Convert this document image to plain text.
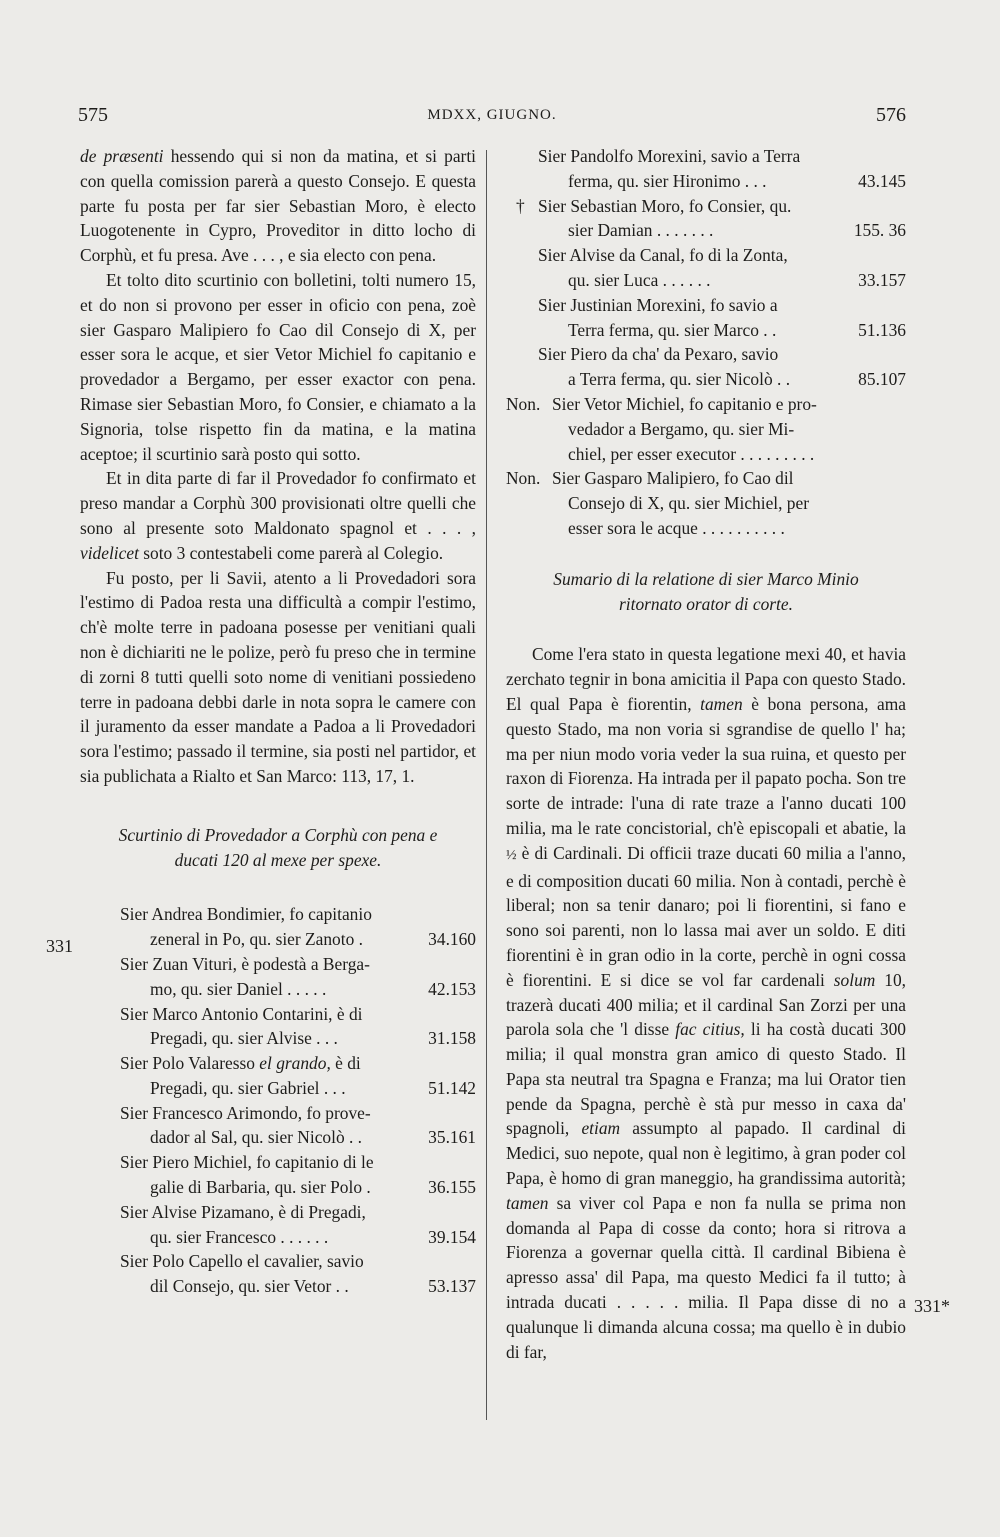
575	MDXX, GIUGNO.	576
331
331*

de præsenti hessendo qui si non da matina, et si parti con quella comission parerà a questo Consejo. E questa parte fu posta per far sier Sebastian Moro, è electo Luogotenente in Cypro, Proveditor in ditto locho di Corphù, et fu presa. Ave . . . , e sia electo con pena.

Et tolto dito scurtinio con bolletini, tolti numero 15, et do non si provono per esser in oficio con pena, zoè sier Gasparo Malipiero fo Cao dil Consejo di X, per esser sora le acque, et sier Vetor Michiel fo capitanio e provedador a Bergamo, per esser exactor con pena. Rimase sier Sebastian Moro, fo Consier, e chiamato a la Signoria, tolse rispetto fin da matina, e la matina aceptoe; il scurtinio sarà posto qui sotto.

Et in dita parte di far il Provedador fo confirmato et preso mandar a Corphù 300 provisionati oltre quelli che sono al presente soto Maldonato spagnol et . . . , videlicet soto 3 contestabeli come parerà al Colegio.

Fu posto, per li Savii, atento a li Provedadori sora l'estimo di Padoa resta una difficultà a compir l'estimo, ch'è molte terre in padoana posesse per venitiani quali non è dichiariti ne le polize, però fu preso che in termine di zorni 8 tutti quelli soto nome di venitiani possiedeno terre in padoana debbi darle in nota sopra le camere con il juramento da esser mandate a Padoa a li Provedadori sora l'estimo; passado il termine, sia posti nel partidor, et sia publichata a Rialto et San Marco: 113, 17, 1.

Scurtinio di Provedador a Corphù con pena e
ducati 120 al mexe per spexe.

Sier Andrea Bondimier, fo capitanio
zeneral in Po, qu. sier Zanoto .	34.160
Sier Zuan Vituri, è podestà a Berga-
mo, qu. sier Daniel . . . . .	42.153
Sier Marco Antonio Contarini, è di
Pregadi, qu. sier Alvise . . .	31.158
Sier Polo Valaresso el grando, è di
Pregadi, qu. sier Gabriel . . .	51.142
Sier Francesco Arimondo, fo prove-
dador al Sal, qu. sier Nicolò . .	35.161
Sier Piero Michiel, fo capitanio di le
galie di Barbaria, qu. sier Polo .	36.155
Sier Alvise Pizamano, è di Pregadi,
qu. sier Francesco . . . . . .	39.154
Sier Polo Capello el cavalier, savio
dil Consejo, qu. sier Vetor . .	53.137
Sier Pandolfo Morexini, savio a Terra
ferma, qu. sier Hironimo . . .	43.145
† Sier Sebastian Moro, fo Consier, qu.
sier Damian . . . . . . .	155. 36
Sier Alvise da Canal, fo di la Zonta,
qu. sier Luca . . . . . .	33.157
Sier Justinian Morexini, fo savio a
Terra ferma, qu. sier Marco . .	51.136
Sier Piero da cha' da Pexaro, savio
a Terra ferma, qu. sier Nicolò . .	85.107
Non. Sier Vetor Michiel, fo capitanio e pro-
vedador a Bergamo, qu. sier Mi-
chiel, per esser executor . . . . . . . . .
Non. Sier Gasparo Malipiero, fo Cao dil
Consejo di X, qu. sier Michiel, per
esser sora le acque . . . . . . . . . .

Sumario di la relatione di sier Marco Minio
ritornato orator di corte.

Come l'era stato in questa legatione mexi 40, et havia zerchato tegnir in bona amicitia il Papa con questo Stado. El qual Papa è fiorentin, tamen è bona persona, ama questo Stado, ma non voria si sgrandise de quello l' ha; ma per niun modo voria veder la sua ruina, et questo per raxon di Fiorenza. Ha intrada per il papato pocha. Son tre sorte de intrade: l'una di rate traze a l'anno ducati 100 milia, ma le rate concistorial, ch'è episcopali et abatie, la ½ è di Cardinali. Di officii traze ducati 60 milia a l'anno, e di composition ducati 60 milia. Non à contadi, perchè è liberal; non sa tenir danaro; poi li fiorentini, si fano e sono soi parenti, non lo lassa mai aver un soldo. E diti fiorentini è in gran odio in la corte, perchè in ogni cossa è fiorentini. E si dice se vol far cardenali solum 10, trazerà ducati 400 milia; et il cardinal San Zorzi per una parola sola che 'l disse fac citius, li ha costà ducati 300 milia; il qual monstra gran amico di questo Stado. Il Papa sta neutral tra Spagna e Franza; ma lui Orator tien pende da Spagna, perchè è stà pur messo in caxa da' spagnoli, etiam assumpto al papado. Il cardinal di Medici, suo nepote, qual non è legitimo, à gran poder col Papa, è homo di gran maneggio, ha grandissima autorità; tamen sa viver col Papa e non fa nulla se prima non domanda al Papa di cosse da conto; hora si ritrova a Fiorenza a governar quella città. Il cardinal Bibiena è apresso assa' dil Papa, ma questo Medici fa il tutto; à intrada ducati . . . . . milia. Il Papa disse di no a qualunque li dimanda alcuna cossa; ma quello è in dubio di far,
